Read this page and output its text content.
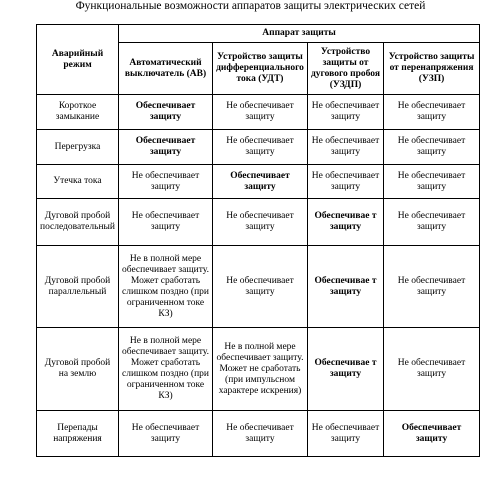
Функциональные возможности аппаратов защиты электрических сетей
Аварийный режим	Аппарат защиты			
	Автоматический выключатель (АВ)	Устройство защиты дифференциального тока (УДТ)	Устройство защиты от дугового пробоя (УЗДП)	Устройство защиты от перенапряжения (УЗП)
Короткое замыкание	Обеспечивает защиту	Не обеспечивает защиту	Не обеспечивает защиту	Не обеспечивает защиту
Перегрузка	Обеспечивает защиту	Не обеспечивает защиту	Не обеспечивает защиту	Не обеспечивает защиту
Утечка тока	Не обеспечивает защиту	Обеспечивает защиту	Не обеспечивает защиту	Не обеспечивает защиту
Дуговой пробой последовательный	Не обеспечивает защиту	Не обеспечивает защиту	Обеспечивае т защиту	Не обеспечивает защиту
Дуговой пробой параллельный	Не в полной мере обеспечивает защиту. Может сработать слишком поздно (при ограниченном токе КЗ)	Не обеспечивает защиту	Обеспечивае т защиту	Не обеспечивает защиту
Дуговой пробой на землю	Не в полной мере обеспечивает защиту. Может сработать слишком поздно (при ограниченном токе КЗ)	Не в полной мере обеспечивает защиту. Может не сработать (при импульсном характере искрения)	Обеспечивае т защиту	Не обеспечивает защиту
Перепады напряжения	Не обеспечивает защиту	Не обеспечивает защиту	Не обеспечивает защиту	Обеспечивает защиту
